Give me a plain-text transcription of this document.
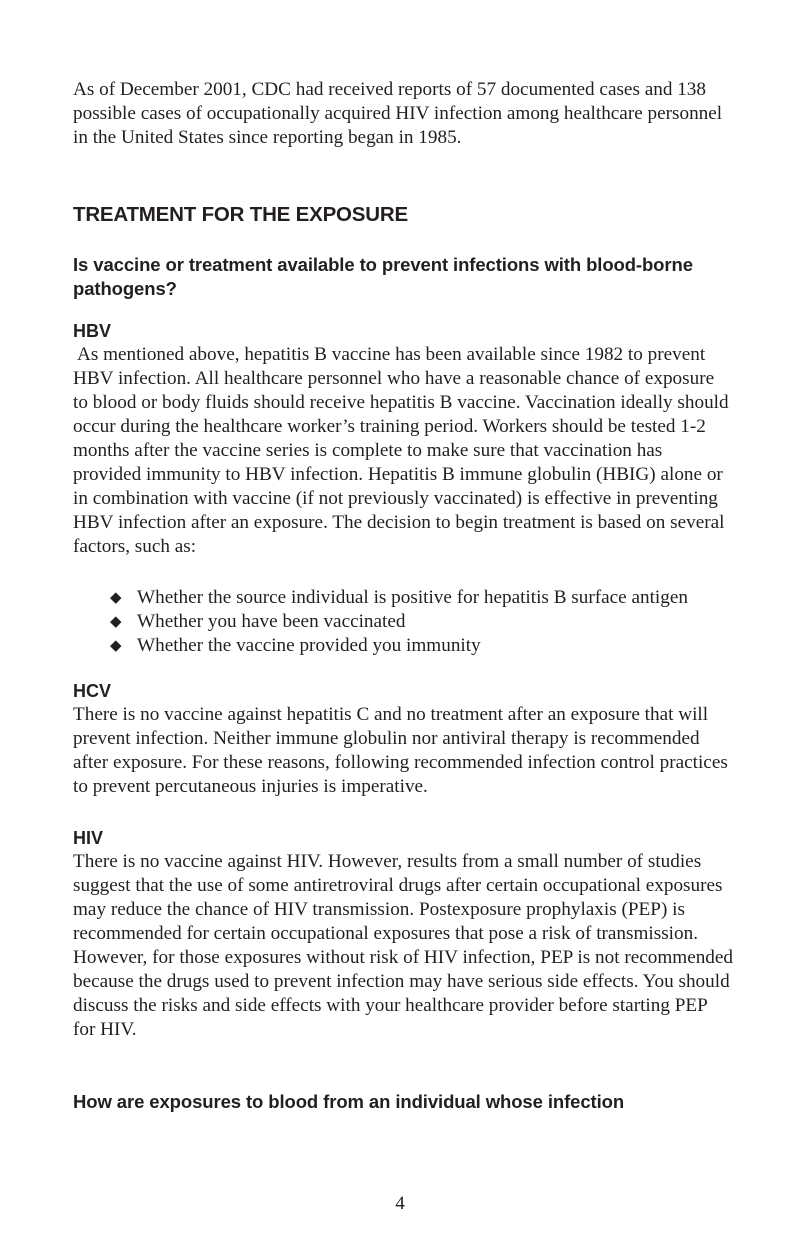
As of December 2001, CDC had received reports of 57 documented cases and 138 possible cases of occupationally acquired HIV infection among healthcare personnel in the United States since reporting began in 1985.

TREATMENT FOR THE EXPOSURE
Is vaccine or treatment available to prevent infections with blood-borne pathogens?
HBV

As mentioned above, hepatitis B vaccine has been available since 1982 to prevent HBV infection. All healthcare personnel who have a reasonable chance of exposure to blood or body fluids should receive hepatitis B vaccine. Vaccination ideally should occur during the healthcare worker’s training period. Workers should be tested 1-2 months after the vaccine series is complete to make sure that vaccination has provided immunity to HBV infection. Hepatitis B immune globulin (HBIG) alone or in combination with vaccine (if not previously vaccinated) is effective in preventing HBV infection after an exposure. The decision to begin treatment is based on several factors, such as:

◆ Whether the source individual is positive for hepatitis B surface antigen
◆ Whether you have been vaccinated
◆ Whether the vaccine provided you immunity
HCV

There is no vaccine against hepatitis C and no treatment after an exposure that will prevent infection. Neither immune globulin nor antiviral therapy is recommended after exposure. For these reasons, following recommended infection control practices to prevent percutaneous injuries is imperative.

HIV

There is no vaccine against HIV. However, results from a small number of studies suggest that the use of some antiretroviral drugs after certain occupational exposures may reduce the chance of HIV transmission. Postexposure prophylaxis (PEP) is recommended for certain occupational exposures that pose a risk of transmission. However, for those exposures without risk of HIV infection, PEP is not recommended because the drugs used to prevent infection may have serious side effects. You should discuss the risks and side effects with your healthcare provider before starting PEP for HIV.

How are exposures to blood from an individual whose infection
4
